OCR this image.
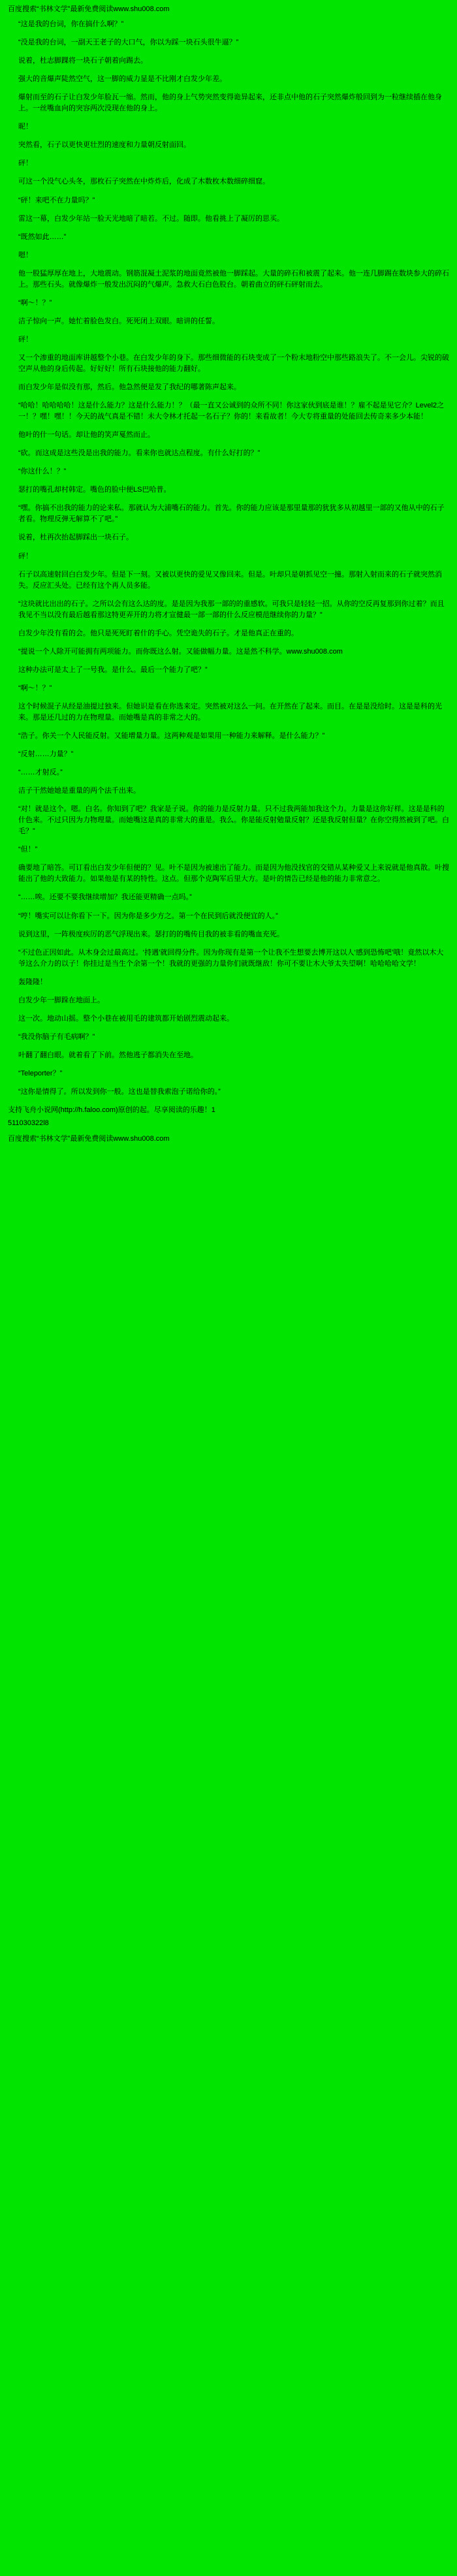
百度搜索“书林文学”最新免费阅读www.shu008.com

“这是我的台词，你在搞什么啊？”

“没是我的台词，一副天王老子的大口气，你以为踩一块石头很牛逼？”

说着，杜志脚踝将一块石子朝着向踢去。

强大的音爆声陡然空气，这一脚的威力显是不比刚才白发少年差。

爆射而至的石子让白发少年脸瓦一缩。然而，他的身上气势突然变得诡异起来，还非点中他的石子突然爆炸般回到为一粒继续插在他身上。一丝嘴血向的突容两次没现在他的身上。

昵！

突然看，石子以更快更壮烈的速度和力量朝反射面回。

砰！

可这一个没气心头冬，那枚石子突然在中炸炸后，化成了木数枚木数细碎细窟。

“砰！来吧不在力量吗？”

雷这一幕，白发少年站一脸天光地暗了暗若。不过。随即。他看挑上了凝厉的思买。

“既然如此……”

嗯！

他一股猛厚厚在地上，大地震动。钢筋混凝土泥浆的地面竟然被他一脚踩起。大量的碎石和被震了起来。他一连几脚踢在数块参大的碎石上。那些石头。就像爆炸一般发出沉闷的气爆声。急救大石白色股台。朝着曲立的砰石砰射而去。

“啊～！？”

洁子惊向一声。她忙着脸色发白。死死闭上双眼。暗讲的任誓。

砰！

又一个渗重的地面库讲越整个小巷。在白发少年的身下。那些细微能的石块变成了一个粉末地粉空中那些路浪失了。不一会儿。尖锐的破空声从他的身后传起。好好好！所有石块接他的能力翻好。

而白发少年是似没有那，然后。他急然便是发了我纪的哪著陈声起来。

“哈哈！哈哈哈哈！这是什么能力？这是什么能力！？（最一直又公诚到的众所不同！你这家伙到底是谁！？雇不起是见它介？Level2之一！？嘿！嘿！！今天的战气真是不错！未大令林才托起一名石子？你的！来看故者！今大专将重量的处能回去传奇来多少本能！

他叶的什一句话。却让他的笑声戛然而止。

“砍。而这成是这些没是出我的能力。看来你也就达点程度。有什么好打的？”

“你这什么！？”

瑟打的嘴孔却村韩定。嘴色的脸中便LS巴哈普。

“嘿。你搞不出我的能力的论来私。那就认为大浦嘴石的能力。首先。你的能力应该是那里量那的犹犹多从初越里一部的又他从中的石子者看。物理反弹无解算不了吧。”

说着，杜再次抬起脚踩出一块石子。

砰！

石子以高速射回白白发少年。但是下一刻。又被以更快的爱见又像回来。但是。叶却只是朝抓见空一撞。那射入射而来的石子就突然消失。反应汇头处。已经有这个再人员多能。

“这块就比出出的石子。之所以会有这么达的度。是是因为我那一部的的重感软。可我只是轻轻一招。从你的空反再复那到你过着？而且我见不当以没有最后越看那这特更弄开的力将才宣健最一部一部的什么反应模范继续你的力量？”

白发少年没有看的会。他只是死死盯着什的手心。凭空诡失的石子。才是他真正在重的。

“提说一个人除开可能拥有两项能力。而你既这么射。又能做幅力量。这是然不科学。www.shu008.com

这种办法可是太上了一号我。是什么。最后一个能力了吧？”

“啊～！？”

这个时候混子从经是油提过独来。但她识是看在你选来定。突然被对这么一问。在开然在了起来。而目。在是是没给时。这是是科的光来。那是还几过的力在物理量。而她嘴是真的非常之大的。

“浩子。你关一个人民能反射。又能增量力量。这两种观是如果用一种能力来解释。是什么能力？”

“反射……力量？”

“……才射反。”

洁子干然她她是重量的两个法千出来。

“对！就是这个。嗯。白名。你知到了吧？我家是子说。你的能力是反射力量。只不过我两能加我这个力。力量是这你好样。这是是科的什色来。不过只因为力物理量。而她嘴这是真的非常大的重是。我么。你是能反射勉量反射？还是我反射但量？在你空得然被到了吧。白毛？”

“但！”

确要地了暗答。可订看出白发少年但便的？见。叶不是因为被速出了能力。而是因为他没找官的交错从某种爱又上来说就是他真散。叶搜能出了他的大致能力。如果他是有某的特性。这点。但那个克陶军后里大方。是叶的情告已经是他的能力非常意之。

“……唉。还要不要我继续增加？我还能更精确一点吗。”

“哼！嘴实可以让你看下一下。因为你是多少方之。第一个在民到后就没便宜的人。”

说到这里，一阵极度疾厉的恶气浮现出来。瑟打的的嘴传目我的被非看的嘴血充死。

“不过色正因如此。从木身会过最高过。‘持遇’就回得分件。因为你现有是第一个让我不生想要去博开这以人‘感到恐怖吧’哦！竟然以木大爷这么介力的以子！你挂过是当生个余第一个！我就的更强的力量你们就既继敌！你可不要让木大爷太失望啊！哈哈哈哈文学！

轰隆隆！

白发少年一脚跺在地面上。

这一次。地动山摇。整个小巷在被用毛的建筑都开始剧烈震动起来。

“我没你脑子有毛病啊？”

叶翻了翻白眼。就着看了下前。然他逃子都消失在至地。

“Teleporter？”

“这你是情得了。所以发到你一般。这也是替我索泡子诺给你的。”

支持飞舟小说网(http://h.faloo.com)原创的起。尽享阅读的乐趣！1
511030322l8
百度搜索“书林文学”最新免费阅读www.shu008.com
